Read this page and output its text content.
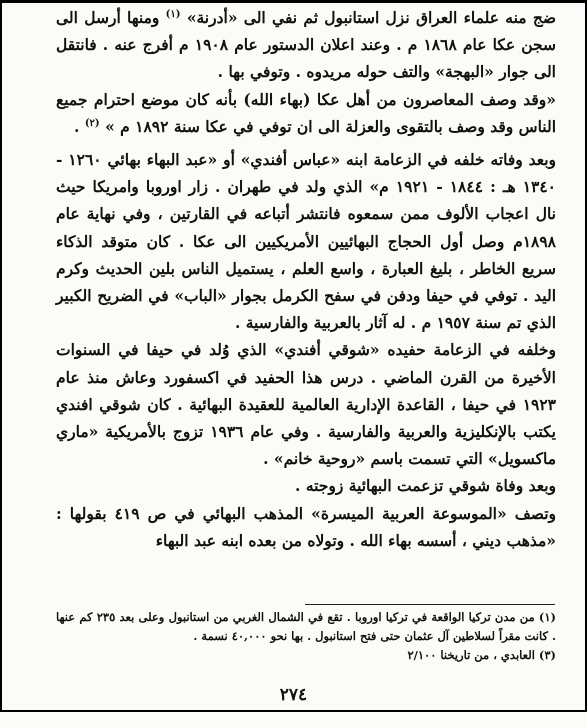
ضج منه علماء العراق نزل استانبول ثم نفي الى «أدرنة» $^{(١)}$ ومنها أرسل الى سجن عكا عام ١٨٦٨ م . وعند اعلان الدستور عام ١٩٠٨ م أفرج عنه . فانتقل الى جوار «البهجة» والتف حوله مريدوه . وتوفي بها .

«وقد وصف المعاصرون من أهل عكا (بهاء الله) بأنه كان موضع احترام جميع الناس وقد وصف بالتقوى والعزلة الى ان توفي في عكا سنة ١٨٩٢ م » $^{(٢)}$ .

وبعد وفاته خلفه في الزعامة ابنه «عباس أفندي» أو «عبد البهاء بهائي ١٢٦٠ - ١٣٤٠ هـ : ١٨٤٤ - ١٩٢١ م» الذي ولد في طهران . زار اوروبا وامريكا حيث نال اعجاب الألوف ممن سمعوه فانتشر أتباعه في القارتين ، وفي نهاية عام ١٨٩٨م وصل أول الحجاج البهائيين الأمريكيين الى عكا . كان متوقد الذكاء سريع الخاطر ، بليغ العبارة ، واسع العلم ، يستميل الناس بلين الحديث وكرم اليد . توفي في حيفا ودفن في سفح الكرمل بجوار «الباب» في الضريح الكبير الذي تم سنة ١٩٥٧ م . له آثار بالعربية والفارسية .

وخلفه في الزعامة حفيده «شوقي أفندي» الذي وُلد في حيفا في السنوات الأخيرة من القرن الماضي . درس هذا الحفيد في اكسفورد وعاش منذ عام ١٩٢٣ في حيفا ، القاعدة الإدارية العالمية للعقيدة البهائية . كان شوقي افندي يكتب بالإنكليزية والعربية والفارسية . وفي عام ١٩٣٦ تزوج بالأمريكية «ماري ماكسويل» التي تسمت باسم «روحية خانم» .

وبعد وفاة شوقي تزعمت البهائية زوجته .

وتصف «الموسوعة العربية الميسرة» المذهب البهائي في ص ٤١٩ بقولها : «مذهب ديني ، أسسه بهاء الله . وتولاه من بعده ابنه عبد البهاء

(١) من مدن تركيا الواقعة في تركيا اوروبا . تقع في الشمال الغربي من استانبول وعلى بعد ٢٣٥ كم عنها . كانت مقراً لسلاطين آل عثمان حتى فتح استانبول . بها نحو ٤٠,٠٠٠ نسمة .

(٣) العابدي ، من تاريخنا ٢/١٠٠

٢٧٤
